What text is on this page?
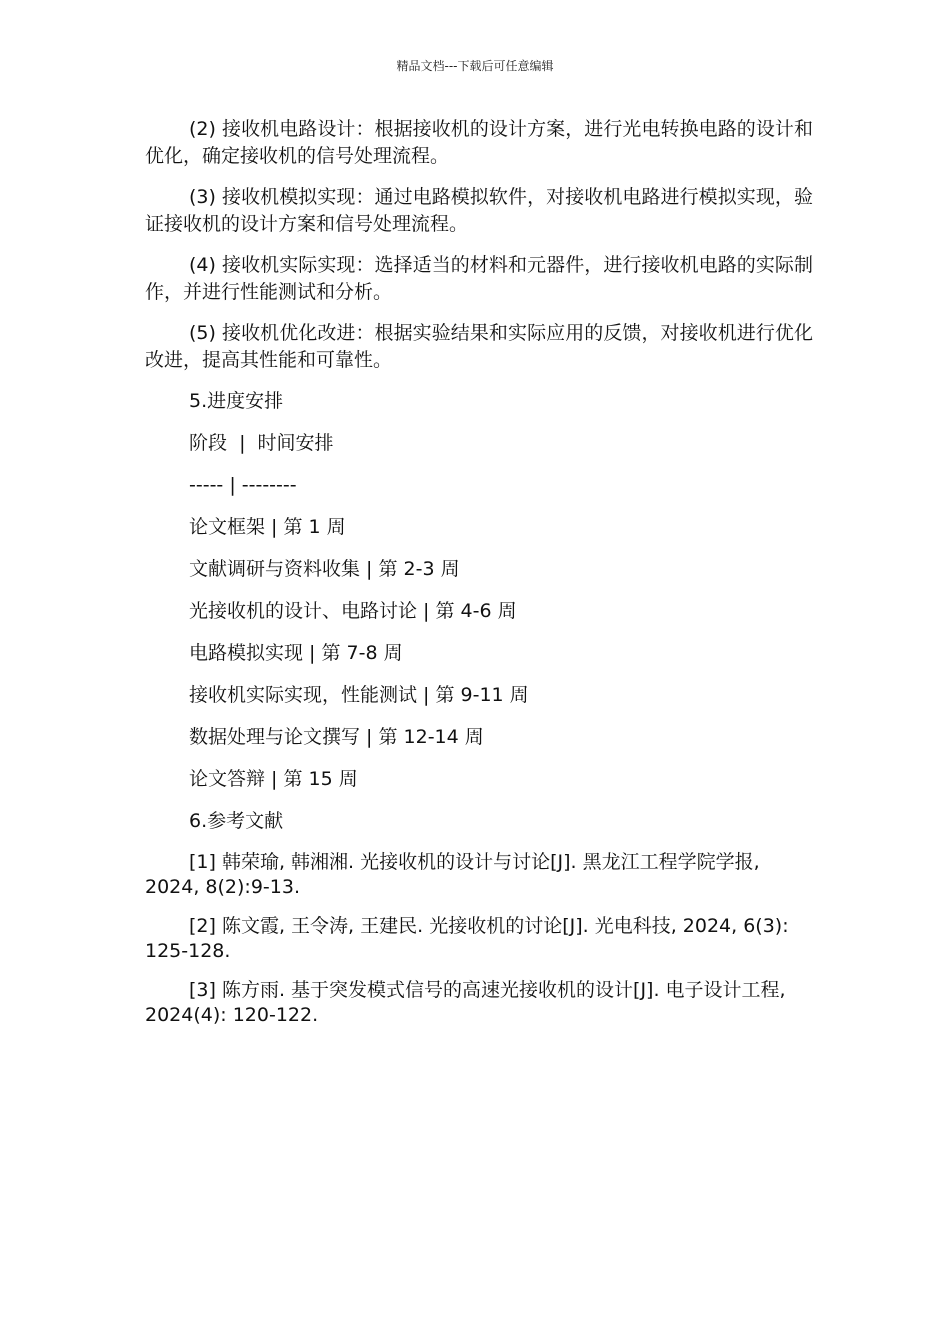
精品文档---下载后可任意编辑

(2) 接收机电路设计：根据接收机的设计方案，进行光电转换电路的设计和优化，确定接收机的信号处理流程。

(3) 接收机模拟实现：通过电路模拟软件，对接收机电路进行模拟实现，验证接收机的设计方案和信号处理流程。

(4) 接收机实际实现：选择适当的材料和元器件，进行接收机电路的实际制作，并进行性能测试和分析。

(5) 接收机优化改进：根据实验结果和实际应用的反馈，对接收机进行优化改进，提高其性能和可靠性。

5.进度安排
阶段  |  时间安排
----- | --------
论文框架 | 第 1 周
文献调研与资料收集 | 第 2-3 周
光接收机的设计、电路讨论 | 第 4-6 周
电路模拟实现 | 第 7-8 周
接收机实际实现，性能测试 | 第 9-11 周
数据处理与论文撰写 | 第 12-14 周
论文答辩 | 第 15 周
6.参考文献

[1] 韩荣瑜, 韩湘湘. 光接收机的设计与讨论[J]. 黑龙江工程学院学报, 2024, 8(2):9-13.

[2] 陈文霞, 王令涛, 王建民. 光接收机的讨论[J]. 光电科技, 2024, 6(3): 125-128.

[3] 陈方雨. 基于突发模式信号的高速光接收机的设计[J]. 电子设计工程, 2024(4): 120-122.
